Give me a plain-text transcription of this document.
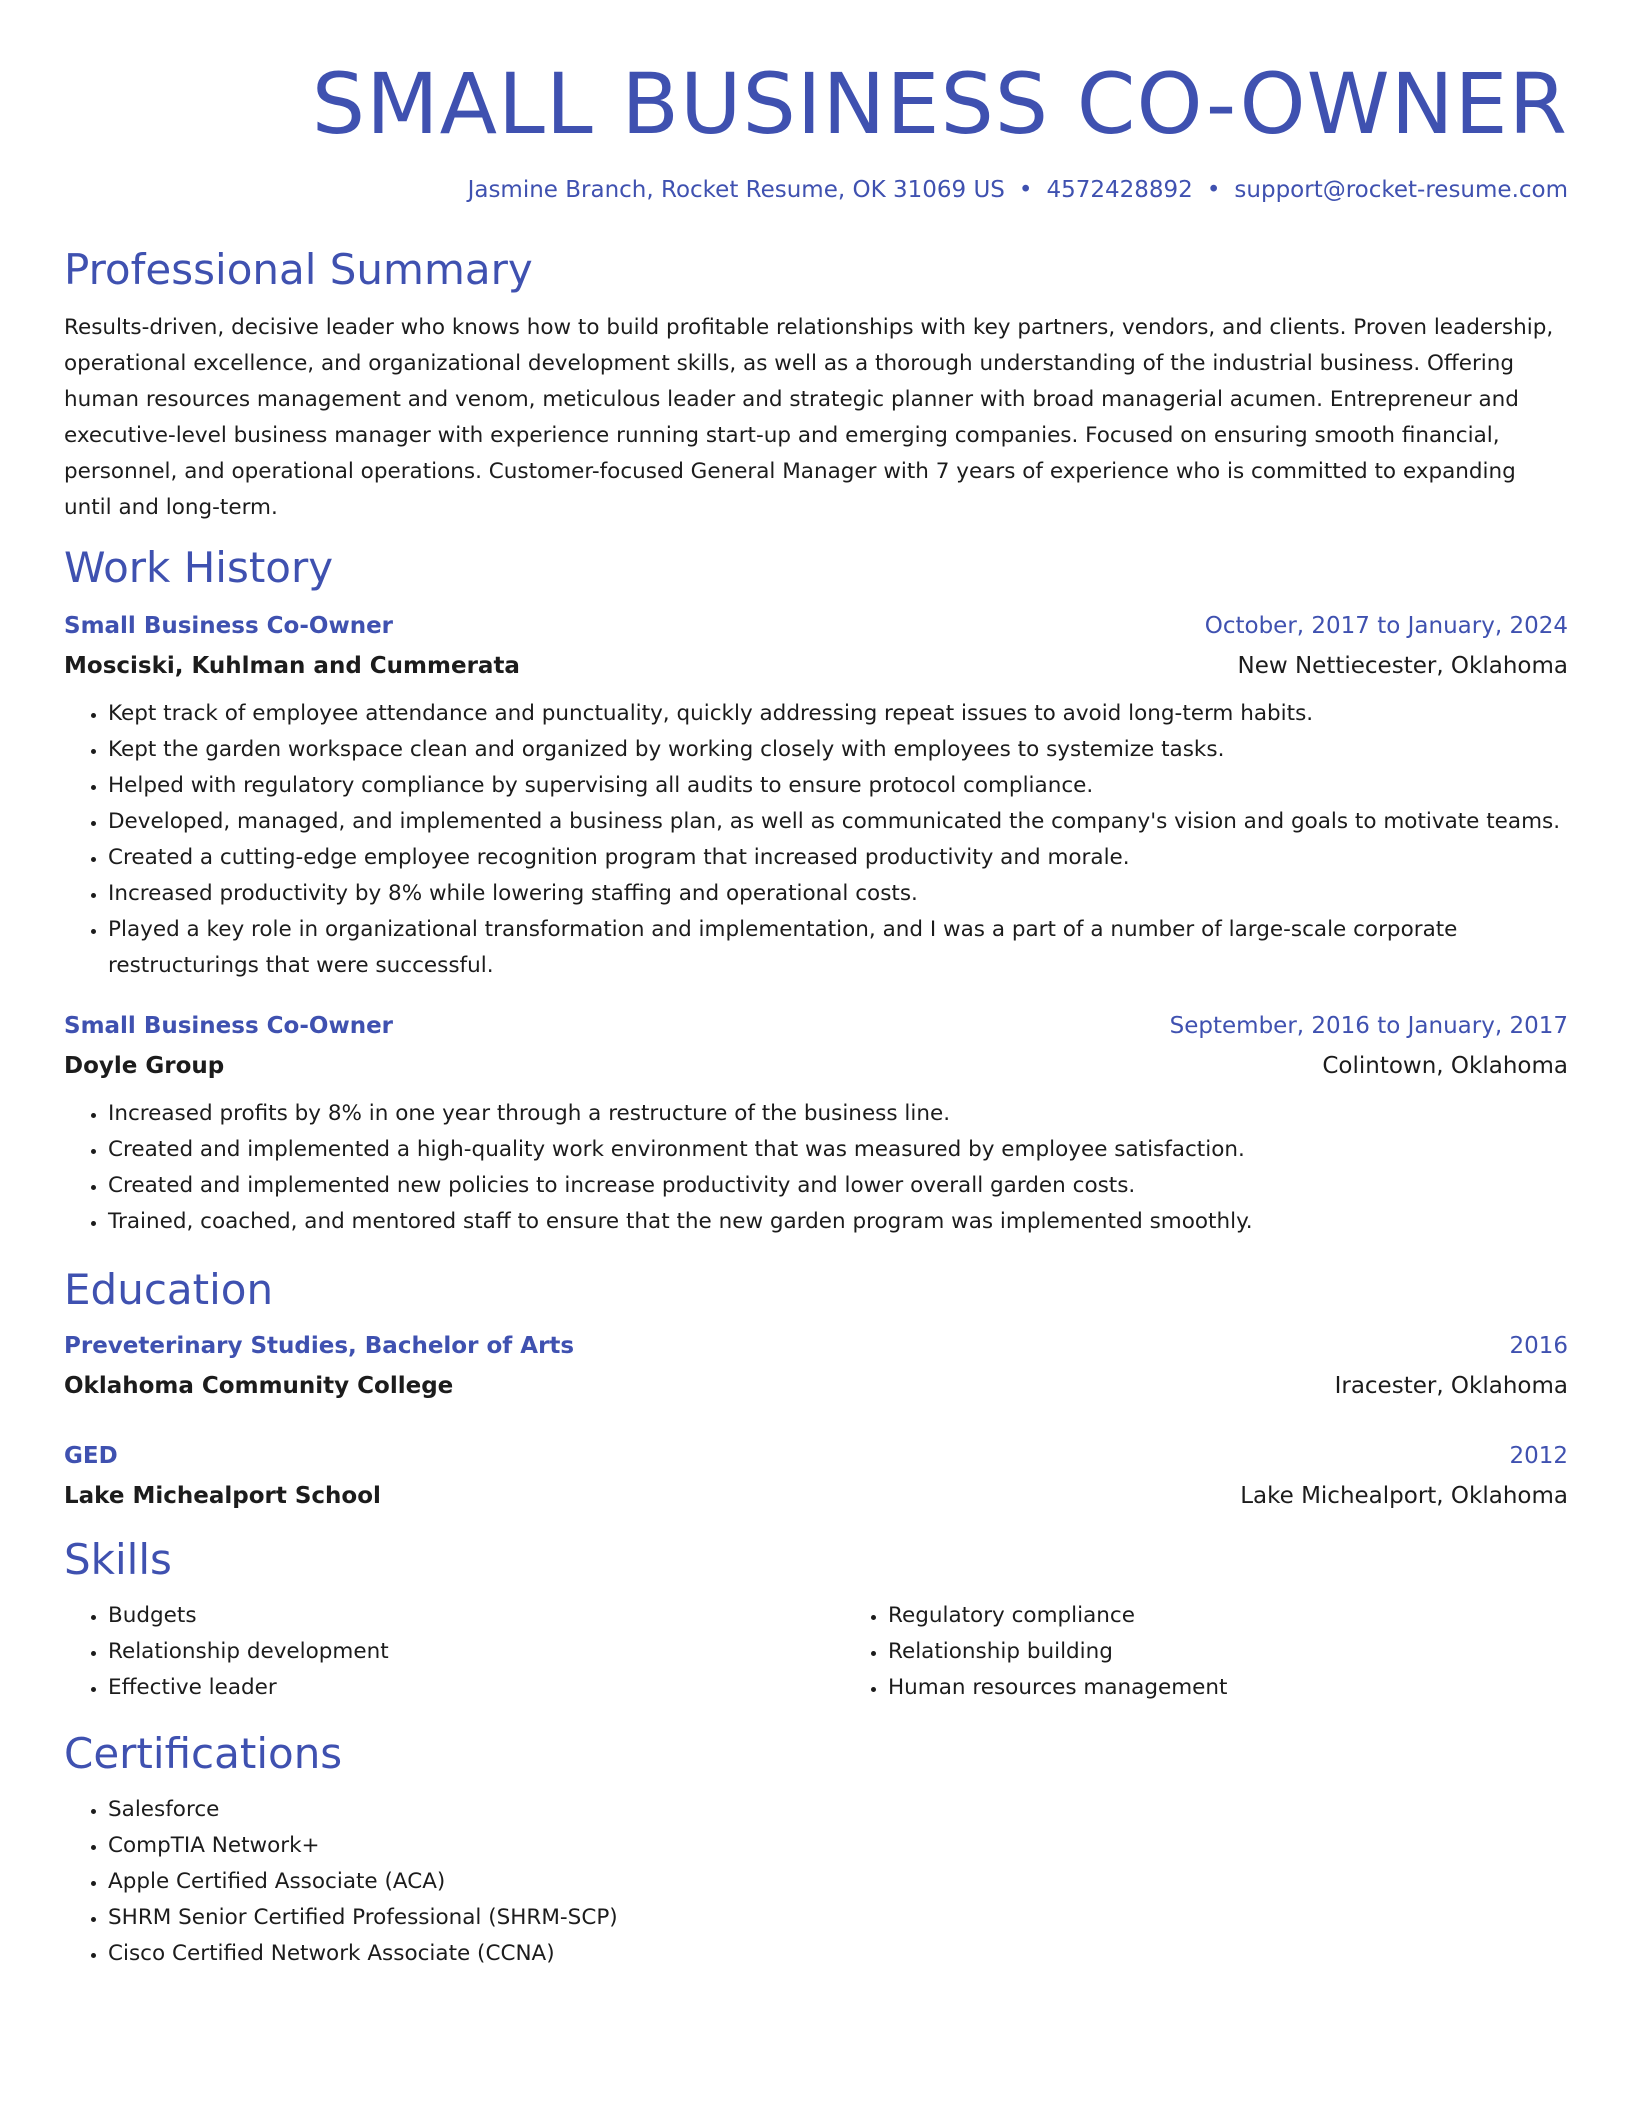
SMALL BUSINESS CO-OWNER
Jasmine Branch, Rocket Resume, OK 31069 US • 4572428892 • support@rocket-resume.com
Professional Summary

Results-driven, decisive leader who knows how to build profitable relationships with key partners, vendors, and clients. Proven leadership, operational excellence, and organizational development skills, as well as a thorough understanding of the industrial business. Offering human resources management and venom, meticulous leader and strategic planner with broad managerial acumen. Entrepreneur and executive-level business manager with experience running start-up and emerging companies. Focused on ensuring smooth financial, personnel, and operational operations. Customer-focused General Manager with 7 years of experience who is committed to expanding until and long-term.

Work History
Small Business Co-Owner	October, 2017 to January, 2024
Mosciski, Kuhlman and Cummerata	New Nettiecester, Oklahoma
• Kept track of employee attendance and punctuality, quickly addressing repeat issues to avoid long-term habits.
• Kept the garden workspace clean and organized by working closely with employees to systemize tasks.
• Helped with regulatory compliance by supervising all audits to ensure protocol compliance.
• Developed, managed, and implemented a business plan, as well as communicated the company's vision and goals to motivate teams.
• Created a cutting-edge employee recognition program that increased productivity and morale.
• Increased productivity by 8% while lowering staffing and operational costs.
• Played a key role in organizational transformation and implementation, and I was a part of a number of large-scale corporate restructurings that were successful.
Small Business Co-Owner	September, 2016 to January, 2017
Doyle Group	Colintown, Oklahoma
• Increased profits by 8% in one year through a restructure of the business line.
• Created and implemented a high-quality work environment that was measured by employee satisfaction.
• Created and implemented new policies to increase productivity and lower overall garden costs.
• Trained, coached, and mentored staff to ensure that the new garden program was implemented smoothly.
Education
Preveterinary Studies, Bachelor of Arts	2016
Oklahoma Community College	Iracester, Oklahoma
GED	2012
Lake Michealport School	Lake Michealport, Oklahoma
Skills
• Budgets
• Relationship development
• Effective leader
• Regulatory compliance
• Relationship building
• Human resources management
Certifications
• Salesforce
• CompTIA Network+
• Apple Certified Associate (ACA)
• SHRM Senior Certified Professional (SHRM-SCP)
• Cisco Certified Network Associate (CCNA)
